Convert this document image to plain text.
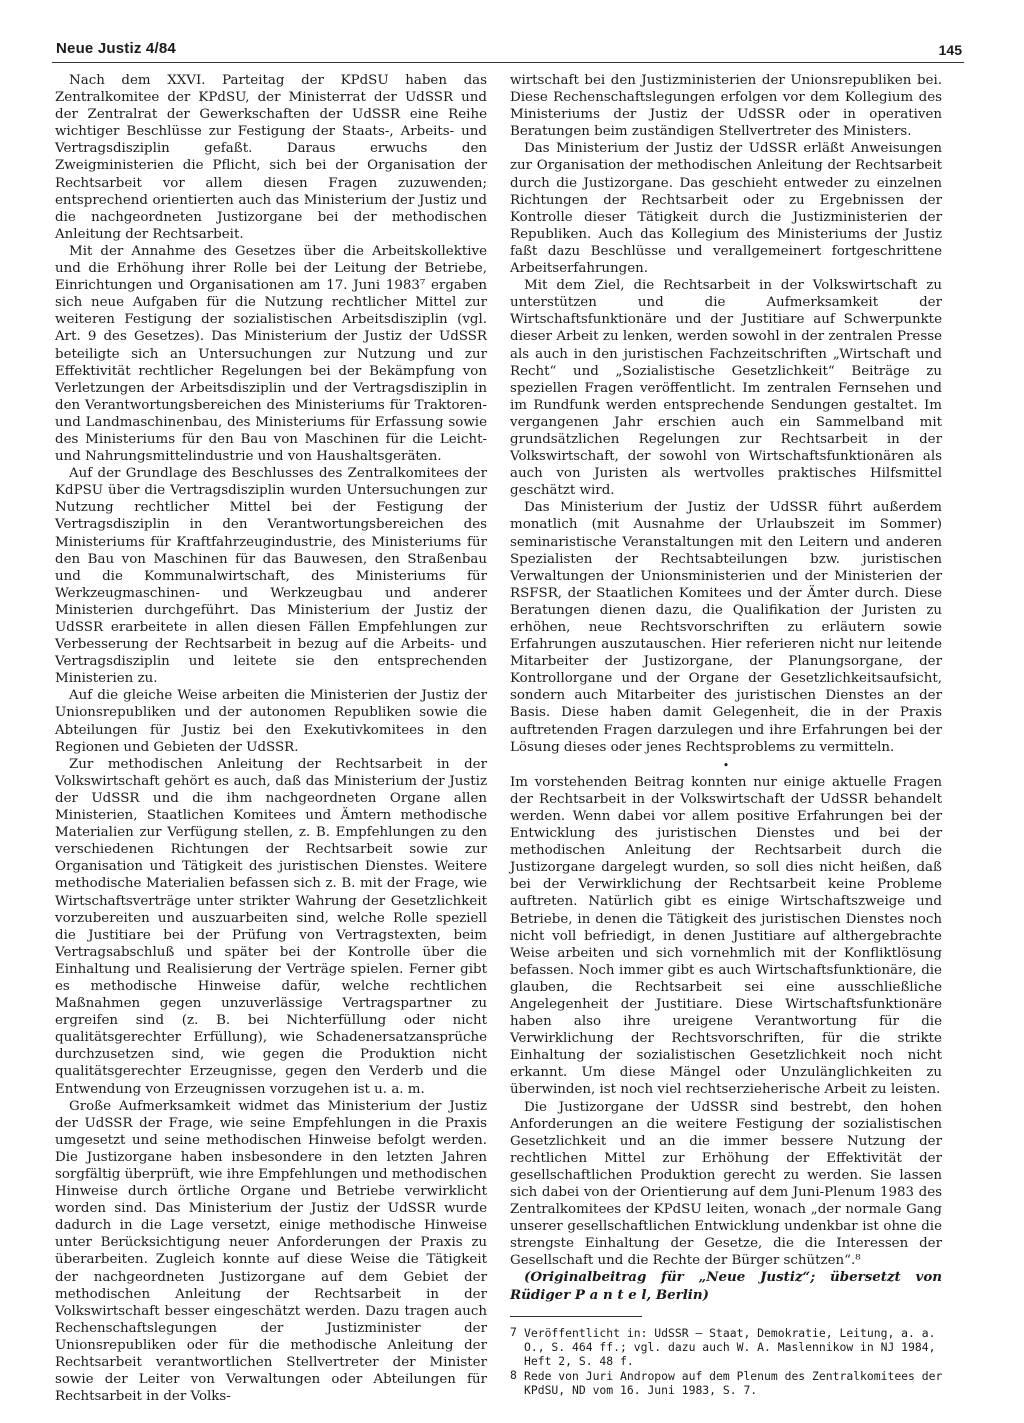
Neue Justiz 4/84	145

Nach dem XXVI. Parteitag der KPdSU haben das Zentralkomitee der KPdSU, der Ministerrat der UdSSR und der Zentralrat der Gewerkschaften der UdSSR eine Reihe wichtiger Beschlüsse zur Festigung der Staats-, Arbeits- und Vertragsdisziplin gefaßt. Daraus erwuchs den Zweigministerien die Pflicht, sich bei der Organisation der Rechtsarbeit vor allem diesen Fragen zuzuwenden; entsprechend orientierten auch das Ministerium der Justiz und die nachgeordneten Justizorgane bei der methodischen Anleitung der Rechtsarbeit.

Mit der Annahme des Gesetzes über die Arbeitskollektive und die Erhöhung ihrer Rolle bei der Leitung der Betriebe, Einrichtungen und Organisationen am 17. Juni 1983⁷ ergaben sich neue Aufgaben für die Nutzung rechtlicher Mittel zur weiteren Festigung der sozialistischen Arbeitsdisziplin (vgl. Art. 9 des Gesetzes). Das Ministerium der Justiz der UdSSR beteiligte sich an Untersuchungen zur Nutzung und zur Effektivität rechtlicher Regelungen bei der Bekämpfung von Verletzungen der Arbeitsdisziplin und der Vertragsdisziplin in den Verantwortungsbereichen des Ministeriums für Traktoren- und Landmaschinenbau, des Ministeriums für Erfassung sowie des Ministeriums für den Bau von Maschinen für die Leicht- und Nahrungsmittelindustrie und von Haushaltsgeräten.

Auf der Grundlage des Beschlusses des Zentralkomitees der KdPSU über die Vertragsdisziplin wurden Untersuchungen zur Nutzung rechtlicher Mittel bei der Festigung der Vertragsdisziplin in den Verantwortungsbereichen des Ministeriums für Kraftfahrzeugindustrie, des Ministeriums für den Bau von Maschinen für das Bauwesen, den Straßenbau und die Kommunalwirtschaft, des Ministeriums für Werkzeugmaschinen- und Werkzeugbau und anderer Ministerien durchgeführt. Das Ministerium der Justiz der UdSSR erarbeitete in allen diesen Fällen Empfehlungen zur Verbesserung der Rechtsarbeit in bezug auf die Arbeits- und Vertragsdisziplin und leitete sie den entsprechenden Ministerien zu.

Auf die gleiche Weise arbeiten die Ministerien der Justiz der Unionsrepubliken und der autonomen Republiken sowie die Abteilungen für Justiz bei den Exekutivkomitees in den Regionen und Gebieten der UdSSR.

Zur methodischen Anleitung der Rechtsarbeit in der Volkswirtschaft gehört es auch, daß das Ministerium der Justiz der UdSSR und die ihm nachgeordneten Organe allen Ministerien, Staatlichen Komitees und Ämtern methodische Materialien zur Verfügung stellen, z. B. Empfehlungen zu den verschiedenen Richtungen der Rechtsarbeit sowie zur Organisation und Tätigkeit des juristischen Dienstes. Weitere methodische Materialien befassen sich z. B. mit der Frage, wie Wirtschaftsverträge unter strikter Wahrung der Gesetzlichkeit vorzubereiten und auszuarbeiten sind, welche Rolle speziell die Justitiare bei der Prüfung von Vertragstexten, beim Vertragsabschluß und später bei der Kontrolle über die Einhaltung und Realisierung der Verträge spielen. Ferner gibt es methodische Hinweise dafür, welche rechtlichen Maßnahmen gegen unzuverlässige Vertragspartner zu ergreifen sind (z. B. bei Nichterfüllung oder nicht qualitätsgerechter Erfüllung), wie Schadenersatzansprüche durchzusetzen sind, wie gegen die Produktion nicht qualitätsgerechter Erzeugnisse, gegen den Verderb und die Entwendung von Erzeugnissen vorzugehen ist u. a. m.

Große Aufmerksamkeit widmet das Ministerium der Justiz der UdSSR der Frage, wie seine Empfehlungen in die Praxis umgesetzt und seine methodischen Hinweise befolgt werden. Die Justizorgane haben insbesondere in den letzten Jahren sorgfältig überprüft, wie ihre Empfehlungen und methodischen Hinweise durch örtliche Organe und Betriebe verwirklicht worden sind. Das Ministerium der Justiz der UdSSR wurde dadurch in die Lage versetzt, einige methodische Hinweise unter Berücksichtigung neuer Anforderungen der Praxis zu überarbeiten. Zugleich konnte auf diese Weise die Tätigkeit der nachgeordneten Justizorgane auf dem Gebiet der methodischen Anleitung der Rechtsarbeit in der Volkswirtschaft besser eingeschätzt werden. Dazu tragen auch Rechenschaftslegungen der Justizminister der Unionsrepubliken oder für die methodische Anleitung der Rechtsarbeit verantwortlichen Stellvertreter der Minister sowie der Leiter von Verwaltungen oder Abteilungen für Rechtsarbeit in der Volks-

wirtschaft bei den Justizministerien der Unionsrepubliken bei. Diese Rechenschaftslegungen erfolgen vor dem Kollegium des Ministeriums der Justiz der UdSSR oder in operativen Beratungen beim zuständigen Stellvertreter des Ministers.

Das Ministerium der Justiz der UdSSR erläßt Anweisungen zur Organisation der methodischen Anleitung der Rechtsarbeit durch die Justizorgane. Das geschieht entweder zu einzelnen Richtungen der Rechtsarbeit oder zu Ergebnissen der Kontrolle dieser Tätigkeit durch die Justizministerien der Republiken. Auch das Kollegium des Ministeriums der Justiz faßt dazu Beschlüsse und verallgemeinert fortgeschrittene Arbeitserfahrungen.

Mit dem Ziel, die Rechtsarbeit in der Volkswirtschaft zu unterstützen und die Aufmerksamkeit der Wirtschaftsfunktionäre und der Justitiare auf Schwerpunkte dieser Arbeit zu lenken, werden sowohl in der zentralen Presse als auch in den juristischen Fachzeitschriften „Wirtschaft und Recht“ und „Sozialistische Gesetzlichkeit“ Beiträge zu speziellen Fragen veröffentlicht. Im zentralen Fernsehen und im Rundfunk werden entsprechende Sendungen gestaltet. Im vergangenen Jahr erschien auch ein Sammelband mit grundsätzlichen Regelungen zur Rechtsarbeit in der Volkswirtschaft, der sowohl von Wirtschaftsfunktionären als auch von Juristen als wertvolles praktisches Hilfsmittel geschätzt wird.

Das Ministerium der Justiz der UdSSR führt außerdem monatlich (mit Ausnahme der Urlaubszeit im Sommer) seminaristische Veranstaltungen mit den Leitern und anderen Spezialisten der Rechtsabteilungen bzw. juristischen Verwaltungen der Unionsministerien und der Ministerien der RSFSR, der Staatlichen Komitees und der Ämter durch. Diese Beratungen dienen dazu, die Qualifikation der Juristen zu erhöhen, neue Rechtsvorschriften zu erläutern sowie Erfahrungen auszutauschen. Hier referieren nicht nur leitende Mitarbeiter der Justizorgane, der Planungsorgane, der Kontrollorgane und der Organe der Gesetzlichkeitsaufsicht, sondern auch Mitarbeiter des juristischen Dienstes an der Basis. Diese haben damit Gelegenheit, die in der Praxis auftretenden Fragen darzulegen und ihre Erfahrungen bei der Lösung dieses oder jenes Rechtsproblems zu vermitteln.

•

Im vorstehenden Beitrag konnten nur einige aktuelle Fragen der Rechtsarbeit in der Volkswirtschaft der UdSSR behandelt werden. Wenn dabei vor allem positive Erfahrungen bei der Entwicklung des juristischen Dienstes und bei der methodischen Anleitung der Rechtsarbeit durch die Justizorgane dargelegt wurden, so soll dies nicht heißen, daß bei der Verwirklichung der Rechtsarbeit keine Probleme auftreten. Natürlich gibt es einige Wirtschaftszweige und Betriebe, in denen die Tätigkeit des juristischen Dienstes noch nicht voll befriedigt, in denen Justitiare auf althergebrachte Weise arbeiten und sich vornehmlich mit der Konfliktlösung befassen. Noch immer gibt es auch Wirtschaftsfunktionäre, die glauben, die Rechtsarbeit sei eine ausschließliche Angelegenheit der Justitiare. Diese Wirtschaftsfunktionäre haben also ihre ureigene Verantwortung für die Verwirklichung der Rechtsvorschriften, für die strikte Einhaltung der sozialistischen Gesetzlichkeit noch nicht erkannt. Um diese Mängel oder Unzulänglichkeiten zu überwinden, ist noch viel rechtserzieherische Arbeit zu leisten.

Die Justizorgane der UdSSR sind bestrebt, den hohen Anforderungen an die weitere Festigung der sozialistischen Gesetzlichkeit und an die immer bessere Nutzung der rechtlichen Mittel zur Erhöhung der Effektivität der gesellschaftlichen Produktion gerecht zu werden. Sie lassen sich dabei von der Orientierung auf dem Juni-Plenum 1983 des Zentralkomitees der KPdSU leiten, wonach „der normale Gang unserer gesellschaftlichen Entwicklung undenkbar ist ohne die strengste Einhaltung der Gesetze, die die Interessen der Gesellschaft und die Rechte der Bürger schützen“.⁸

(Originalbeitrag für „Neue Justiz“; übersetzt von Rüdiger P a n t e l, Berlin)

7 Veröffentlicht in: UdSSR — Staat, Demokratie, Leitung, a. a. O., S. 464 ff.; vgl. dazu auch W. A. Maslennikow in NJ 1984, Heft 2, S. 48 f.
8 Rede von Juri Andropow auf dem Plenum des Zentralkomitees der KPdSU, ND vom 16. Juni 1983, S. 7.
